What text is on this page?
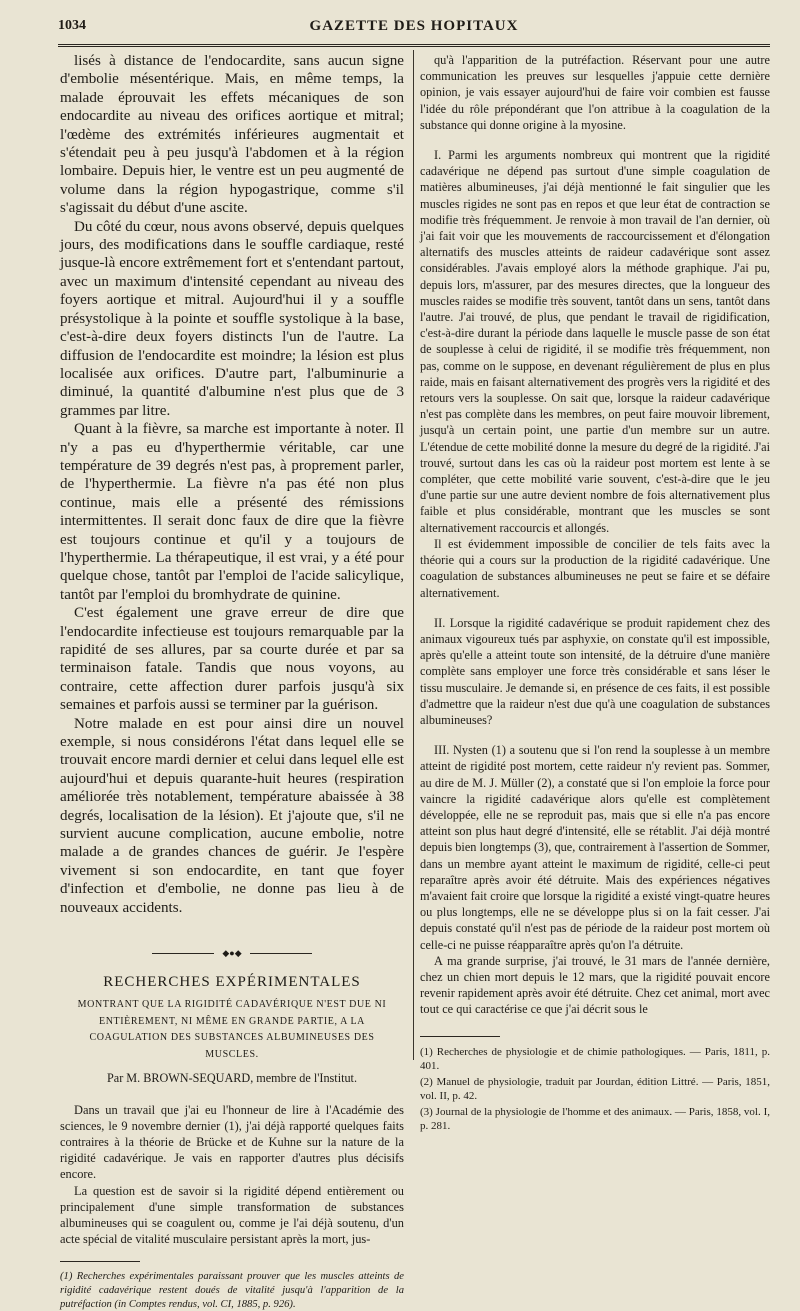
1034	GAZETTE DES HOPITAUX

lisés à distance de l'endocardite, sans aucun signe d'embolie mésentérique. Mais, en même temps, la malade éprouvait les effets mécaniques de son endocardite au niveau des orifices aortique et mitral; l'œdème des extrémités inférieures augmentait et s'étendait peu à peu jusqu'à l'abdomen et à la région lombaire. Depuis hier, le ventre est un peu augmenté de volume dans la région hypogastrique, comme s'il s'agissait du début d'une ascite.

Du côté du cœur, nous avons observé, depuis quelques jours, des modifications dans le souffle cardiaque, resté jusque-là encore extrêmement fort et s'entendant partout, avec un maximum d'intensité cependant au niveau des foyers aortique et mitral. Aujourd'hui il y a souffle présystolique à la pointe et souffle systolique à la base, c'est-à-dire deux foyers distincts l'un de l'autre. La diffusion de l'endocardite est moindre; la lésion est plus localisée aux orifices. D'autre part, l'albuminurie a diminué, la quantité d'albumine n'est plus que de 3 grammes par litre.

Quant à la fièvre, sa marche est importante à noter. Il n'y a pas eu d'hyperthermie véritable, car une température de 39 degrés n'est pas, à proprement parler, de l'hyperthermie. La fièvre n'a pas été non plus continue, mais elle a présenté des rémissions intermittentes. Il serait donc faux de dire que la fièvre est toujours continue et qu'il y a toujours de l'hyperthermie. La thérapeutique, il est vrai, y a été pour quelque chose, tantôt par l'emploi de l'acide salicylique, tantôt par l'emploi du bromhydrate de quinine.

C'est également une grave erreur de dire que l'endocardite infectieuse est toujours remarquable par la rapidité de ses allures, par sa courte durée et par sa terminaison fatale. Tandis que nous voyons, au contraire, cette affection durer parfois jusqu'à six semaines et parfois aussi se terminer par la guérison.

Notre malade en est pour ainsi dire un nouvel exemple, si nous considérons l'état dans lequel elle se trouvait encore mardi dernier et celui dans lequel elle est aujourd'hui et depuis quarante-huit heures (respiration améliorée très notablement, température abaissée à 38 degrés, localisation de la lésion). Et j'ajoute que, s'il ne survient aucune complication, aucune embolie, notre malade a de grandes chances de guérir. Je l'espère vivement si son endocardite, en tant que foyer d'infection et d'embolie, ne donne pas lieu à de nouveaux accidents.

◆●◆
RECHERCHES EXPÉRIMENTALES
MONTRANT QUE LA RIGIDITÉ CADAVÉRIQUE N'EST DUE NI ENTIÈREMENT, NI MÊME EN GRANDE PARTIE, A LA COAGULATION DES SUBSTANCES ALBUMINEUSES DES MUSCLES.
Par M. BROWN-SEQUARD, membre de l'Institut.

Dans un travail que j'ai eu l'honneur de lire à l'Académie des sciences, le 9 novembre dernier (1), j'ai déjà rapporté quelques faits contraires à la théorie de Brücke et de Kuhne sur la nature de la rigidité cadavérique. Je vais en rapporter d'autres plus décisifs encore.

La question est de savoir si la rigidité dépend entièrement ou principalement d'une simple transformation de substances albumineuses qui se coagulent ou, comme je l'ai déjà soutenu, d'un acte spécial de vitalité musculaire persistant après la mort, jus-

(1) Recherches expérimentales paraissant prouver que les muscles atteints de rigidité cadavérique restent doués de vitalité jusqu'à l'apparition de la putréfaction (in Comptes rendus, vol. CI, 1885, p. 926).

qu'à l'apparition de la putréfaction. Réservant pour une autre communication les preuves sur lesquelles j'appuie cette dernière opinion, je vais essayer aujourd'hui de faire voir combien est fausse l'idée du rôle prépondérant que l'on attribue à la coagulation de la substance qui donne origine à la myosine.

I. Parmi les arguments nombreux qui montrent que la rigidité cadavérique ne dépend pas surtout d'une simple coagulation de matières albumineuses, j'ai déjà mentionné le fait singulier que les muscles rigides ne sont pas en repos et que leur état de contraction se modifie très fréquemment. Je renvoie à mon travail de l'an dernier, où j'ai fait voir que les mouvements de raccourcissement et d'élongation alternatifs des muscles atteints de raideur cadavérique sont assez considérables. J'avais employé alors la méthode graphique. J'ai pu, depuis lors, m'assurer, par des mesures directes, que la longueur des muscles raides se modifie très souvent, tantôt dans un sens, tantôt dans l'autre. J'ai trouvé, de plus, que pendant le travail de rigidification, c'est-à-dire durant la période dans laquelle le muscle passe de son état de souplesse à celui de rigidité, il se modifie très fréquemment, non pas, comme on le suppose, en devenant régulièrement de plus en plus raide, mais en faisant alternativement des progrès vers la rigidité et des retours vers la souplesse. On sait que, lorsque la raideur cadavérique n'est pas complète dans les membres, on peut faire mouvoir librement, jusqu'à un certain point, une partie d'un membre sur un autre. L'étendue de cette mobilité donne la mesure du degré de la rigidité. J'ai trouvé, surtout dans les cas où la raideur post mortem est lente à se compléter, que cette mobilité varie souvent, c'est-à-dire que le jeu d'une partie sur une autre devient nombre de fois alternativement plus faible et plus considérable, montrant que les muscles se sont alternativement raccourcis et allongés.

Il est évidemment impossible de concilier de tels faits avec la théorie qui a cours sur la production de la rigidité cadavérique. Une coagulation de substances albumineuses ne peut se faire et se défaire alternativement.

II. Lorsque la rigidité cadavérique se produit rapidement chez des animaux vigoureux tués par asphyxie, on constate qu'il est impossible, après qu'elle a atteint toute son intensité, de la détruire d'une manière complète sans employer une force très considérable et sans léser le tissu musculaire. Je demande si, en présence de ces faits, il est possible d'admettre que la raideur n'est due qu'à une coagulation de substances albumineuses?

III. Nysten (1) a soutenu que si l'on rend la souplesse à un membre atteint de rigidité post mortem, cette raideur n'y revient pas. Sommer, au dire de M. J. Müller (2), a constaté que si l'on emploie la force pour vaincre la rigidité cadavérique alors qu'elle est complètement développée, elle ne se reproduit pas, mais que si elle n'a pas encore atteint son plus haut degré d'intensité, elle se rétablit. J'ai déjà montré depuis bien longtemps (3), que, contrairement à l'assertion de Sommer, dans un membre ayant atteint le maximum de rigidité, celle-ci peut reparaître après avoir été détruite. Mais des expériences négatives m'avaient fait croire que lorsque la rigidité a existé vingt-quatre heures ou plus longtemps, elle ne se développe plus si on la fait cesser. J'ai depuis constaté qu'il n'est pas de période de la raideur post mortem où celle-ci ne puisse réapparaître après qu'on l'a détruite.

A ma grande surprise, j'ai trouvé, le 31 mars de l'année dernière, chez un chien mort depuis le 12 mars, que la rigidité pouvait encore revenir rapidement après avoir été détruite. Chez cet animal, mort avec tout ce qui caractérise ce que j'ai décrit sous le

(1) Recherches de physiologie et de chimie pathologiques. — Paris, 1811, p. 401.

(2) Manuel de physiologie, traduit par Jourdan, édition Littré. — Paris, 1851, vol. II, p. 42.

(3) Journal de la physiologie de l'homme et des animaux. — Paris, 1858, vol. I, p. 281.
